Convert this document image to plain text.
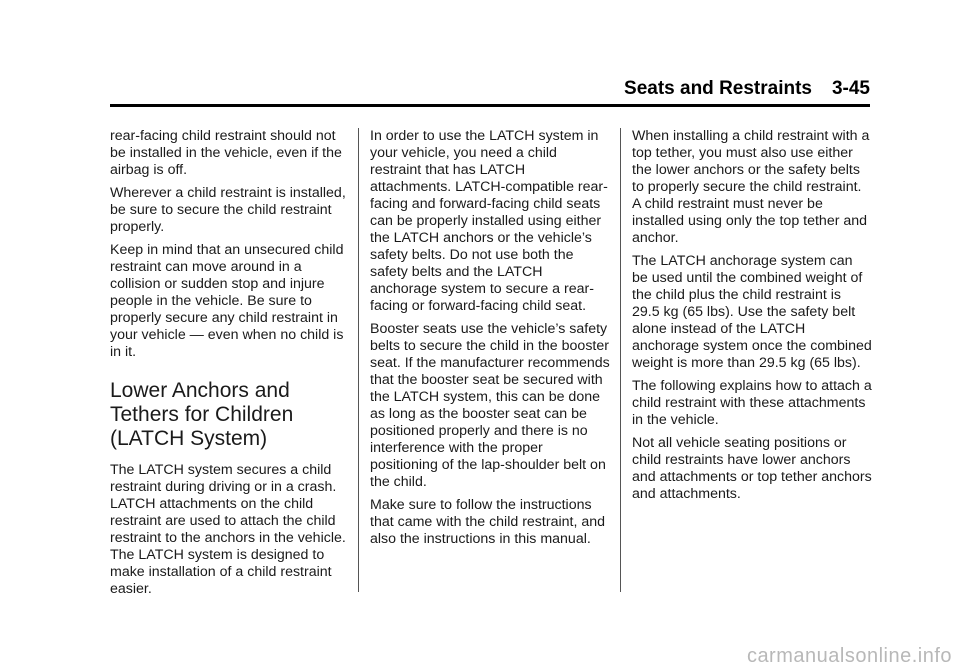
Seats and Restraints 3-45

rear-facing child restraint should not be installed in the vehicle, even if the airbag is off.

Wherever a child restraint is installed, be sure to secure the child restraint properly.

Keep in mind that an unsecured child restraint can move around in a collision or sudden stop and injure people in the vehicle. Be sure to properly secure any child restraint in your vehicle — even when no child is in it.

Lower Anchors and Tethers for Children (LATCH System)

The LATCH system secures a child restraint during driving or in a crash. LATCH attachments on the child restraint are used to attach the child restraint to the anchors in the vehicle. The LATCH system is designed to make installation of a child restraint easier.

In order to use the LATCH system in your vehicle, you need a child restraint that has LATCH attachments. LATCH-compatible rear-facing and forward-facing child seats can be properly installed using either the LATCH anchors or the vehicle’s safety belts. Do not use both the safety belts and the LATCH anchorage system to secure a rear-facing or forward-facing child seat.

Booster seats use the vehicle’s safety belts to secure the child in the booster seat. If the manufacturer recommends that the booster seat be secured with the LATCH system, this can be done as long as the booster seat can be positioned properly and there is no interference with the proper positioning of the lap-shoulder belt on the child.

Make sure to follow the instructions that came with the child restraint, and also the instructions in this manual.

When installing a child restraint with a top tether, you must also use either the lower anchors or the safety belts to properly secure the child restraint. A child restraint must never be installed using only the top tether and anchor.

The LATCH anchorage system can be used until the combined weight of the child plus the child restraint is 29.5 kg (65 lbs). Use the safety belt alone instead of the LATCH anchorage system once the combined weight is more than 29.5 kg (65 lbs).

The following explains how to attach a child restraint with these attachments in the vehicle.

Not all vehicle seating positions or child restraints have lower anchors and attachments or top tether anchors and attachments.

carmanualsonline.info
